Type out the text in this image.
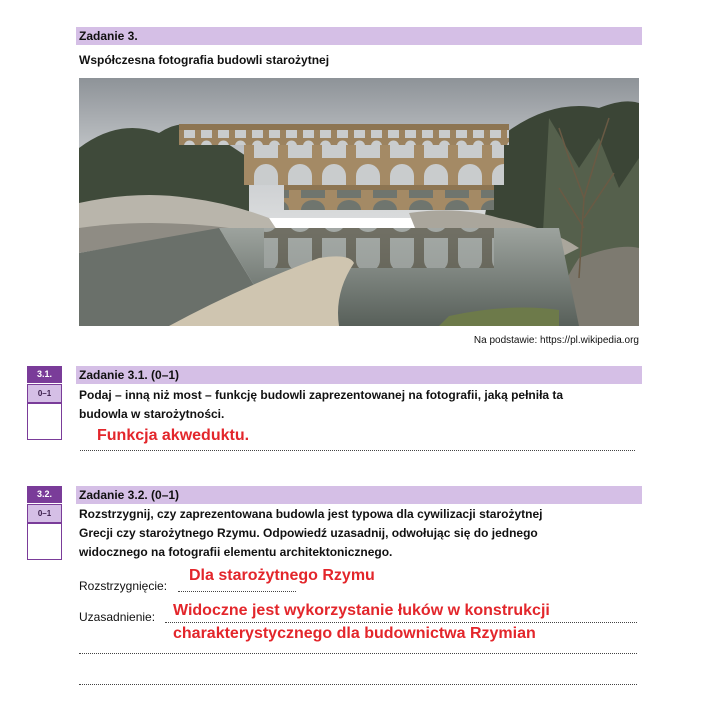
Zadanie 3.
Współczesna fotografia budowli starożytnej
Na podstawie: https://pl.wikipedia.org
3.1.
0–1
Zadanie 3.1. (0–1)
Podaj – inną niż most – funkcję budowli zaprezentowanej na fotografii, jaką pełniła ta
budowla w starożytności.
Funkcja akweduktu.
3.2.
0–1
Zadanie 3.2. (0–1)
Rozstrzygnij, czy zaprezentowana budowla jest typowa dla cywilizacji starożytnej
Grecji czy starożytnego Rzymu. Odpowiedź uzasadnij, odwołując się do jednego
widocznego na fotografii elementu architektonicznego.
Rozstrzygnięcie:
Dla starożytnego Rzymu
Uzasadnienie: Widoczne jest wykorzystanie łuków w konstrukcji
charakterystycznego dla budownictwa Rzymian
